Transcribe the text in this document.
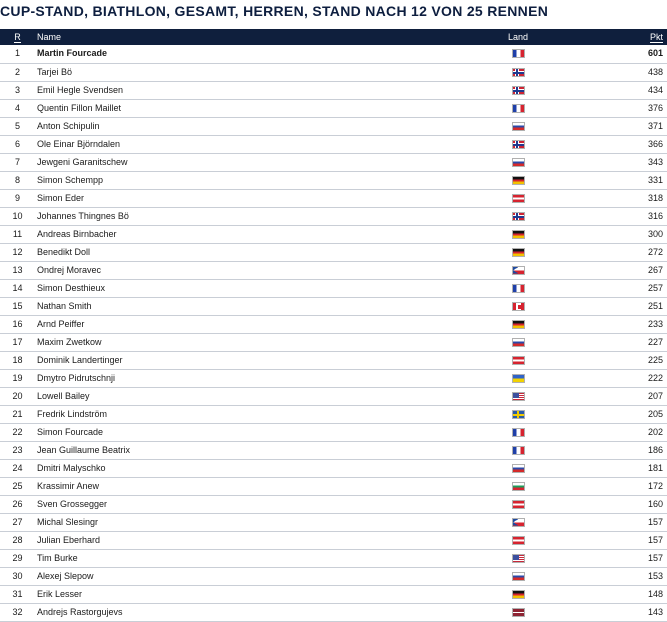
CUP-STAND, BIATHLON, GESAMT, HERREN, STAND NACH 12 VON 25 RENNEN
R	Name	Land		Pkt
1	Martin Fourcade			601
2	Tarjei Bö			438
3	Emil Hegle Svendsen			434
4	Quentin Fillon Maillet			376
5	Anton Schipulin			371
6	Ole Einar Björndalen			366
7	Jewgeni Garanitschew			343
8	Simon Schempp			331
9	Simon Eder			318
10	Johannes Thingnes Bö			316
11	Andreas Birnbacher			300
12	Benedikt Doll			272
13	Ondrej Moravec			267
14	Simon Desthieux			257
15	Nathan Smith			251
16	Arnd Peiffer			233
17	Maxim Zwetkow			227
18	Dominik Landertinger			225
19	Dmytro Pidrutschnji			222
20	Lowell Bailey			207
21	Fredrik Lindström			205
22	Simon Fourcade			202
23	Jean Guillaume Beatrix			186
24	Dmitri Malyschko			181
25	Krassimir Anew			172
26	Sven Grossegger			160
27	Michal Slesingr			157
28	Julian Eberhard			157
29	Tim Burke			157
30	Alexej Slepow			153
31	Erik Lesser			148
32	Andrejs Rastorgujevs			143
